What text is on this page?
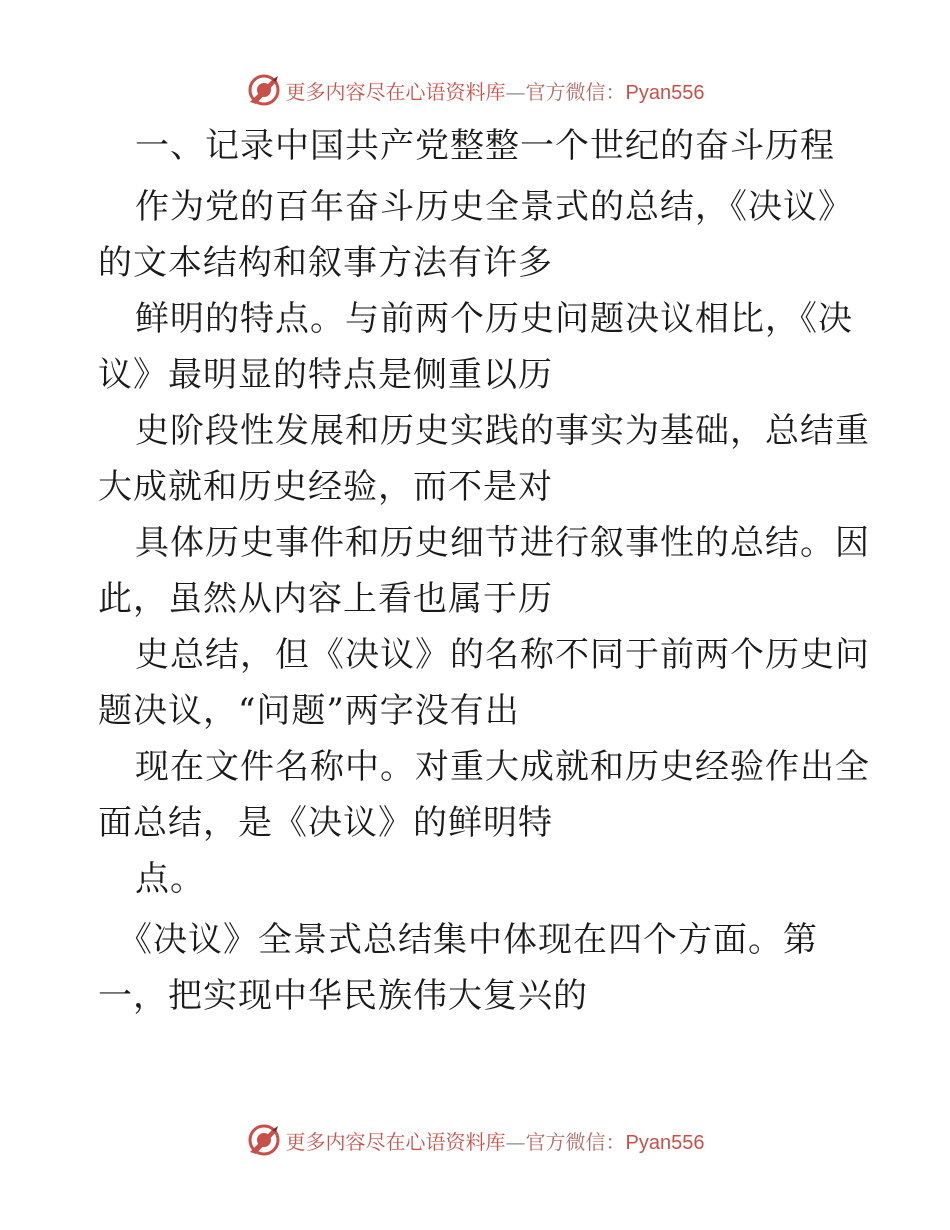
更多内容尽在心语资料库—官方微信：Pyan556
一、记录中国共产党整整一个世纪的奋斗历程
作为党的百年奋斗历史全景式的总结，《决议》
的文本结构和叙事方法有许多
鲜明的特点。与前两个历史问题决议相比，《决
议》最明显的特点是侧重以历
史阶段性发展和历史实践的事实为基础，总结重
大成就和历史经验，而不是对
具体历史事件和历史细节进行叙事性的总结。因
此，虽然从内容上看也属于历
史总结，但《决议》的名称不同于前两个历史问
题决议，“问题”两字没有出
现在文件名称中。对重大成就和历史经验作出全
面总结，是《决议》的鲜明特
点。
《决议》全景式总结集中体现在四个方面。第
一，把实现中华民族伟大复兴的
更多内容尽在心语资料库—官方微信：Pyan556
